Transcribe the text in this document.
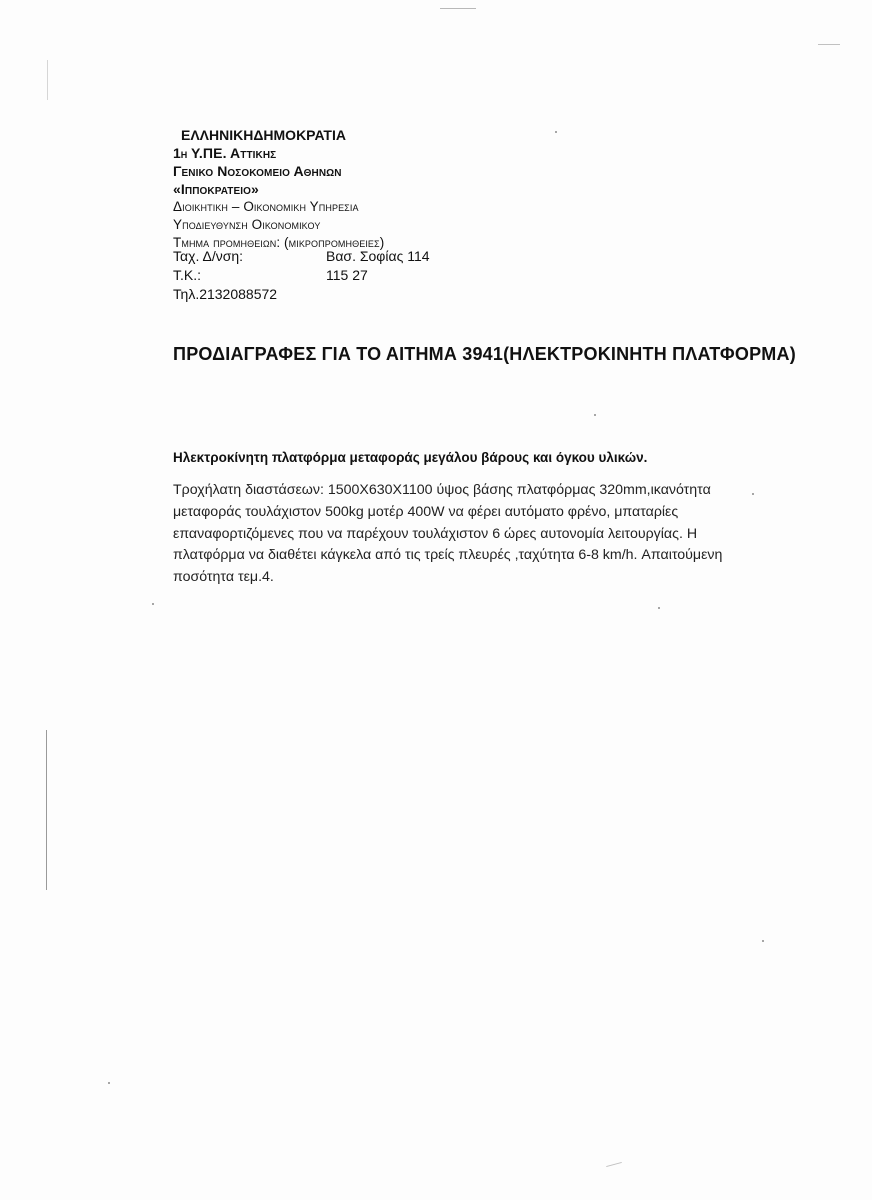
ΕΛΛΗΝΙΚΗΔΗΜΟΚΡΑΤΙΑ
1Η Υ.ΠΕ. Αττικησ
Γενικο Νοσοκομειο Αθηνων
«Ιπποκρατειο»
Διοικητικη – Οικονομικη Υπηρεσια
Υποδιευθυνση Οικονομικου
Τμημα προμηθειων: (μικροπρομηθειες)
Ταχ. Δ/νση:	Βασ. Σοφίας 114
Τ.Κ.:	115 27
Τηλ.2132088572
ΠΡΟΔΙΑΓΡΑΦΕΣ ΓΙΑ ΤΟ ΑΙΤΗΜΑ 3941(ΗΛΕΚΤΡΟΚΙΝΗΤΗ ΠΛΑΤΦΟΡΜΑ)
Ηλεκτροκίνητη πλατφόρμα μεταφοράς μεγάλου βάρους και όγκου υλικών.
Τροχήλατη διαστάσεων: 1500Χ630Χ1100 ύψος βάσης πλατφόρμας 320mm,ικανότητα
μεταφοράς τουλάχιστον 500kg μοτέρ 400W να φέρει αυτόματο φρένο, μπαταρίες
επαναφορτιζόμενες που να παρέχουν τουλάχιστον 6 ώρες αυτονομία λειτουργίας. Η
πλατφόρμα να διαθέτει κάγκελα από τις τρείς πλευρές ,ταχύτητα 6-8 km/h. Απαιτούμενη
ποσότητα τεμ.4.
